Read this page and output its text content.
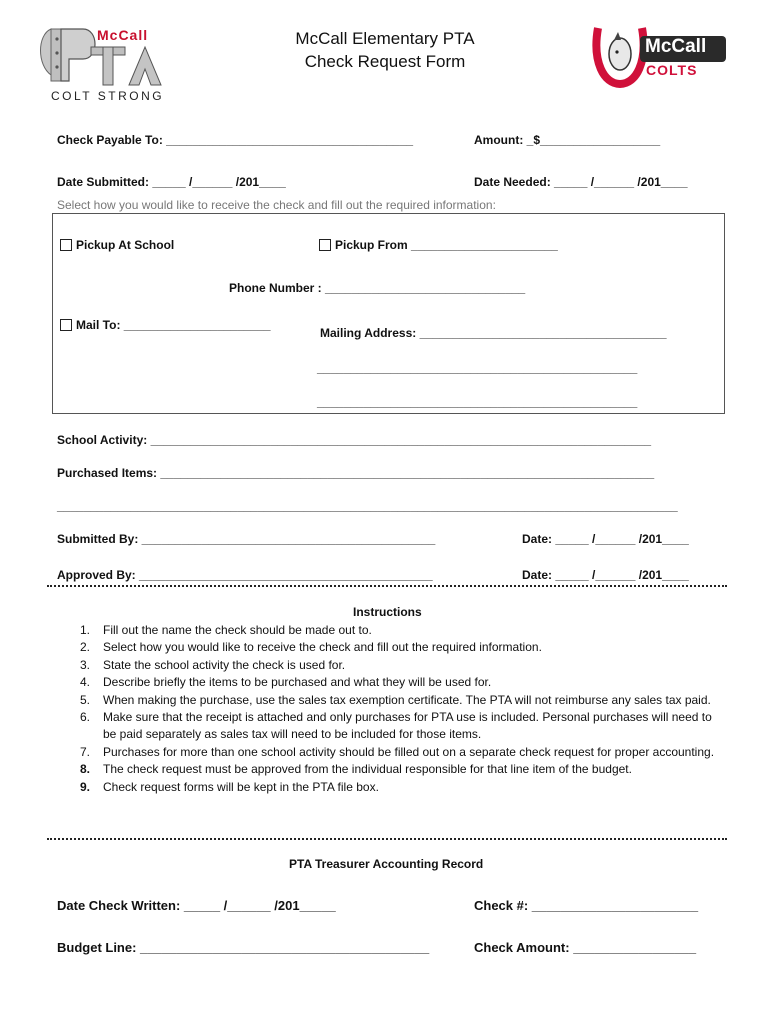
McCall
COLT STRONG
McCall Elementary PTA
Check Request Form
McCall
COLTS
Check Payable To: _____________________________________	Amount: _$__________________
Date Submitted: _____ /______ /201____	Date Needed: _____ /______ /201____
Select how you would like to receive the check and fill out the required information:
Pickup At School	Pickup From ______________________
Phone Number : ______________________________
Mail To: ______________________
Mailing Address: _____________________________________
________________________________________________
________________________________________________
School Activity: ___________________________________________________________________________
Purchased Items: __________________________________________________________________________
_____________________________________________________________________________________________
Submitted By: ____________________________________________	Date: _____ /______ /201____
Approved By: ____________________________________________	Date: _____ /______ /201____
Instructions
1.	Fill out the name the check should be made out to.
2.	Select how you would like to receive the check and fill out the required information.
3.	State the school activity the check is used for.
4.	Describe briefly the items to be purchased and what they will be used for.
5.	When making the purchase, use the sales tax exemption certificate. The PTA will not reimburse any sales tax paid.
6.	Make sure that the receipt is attached and only purchases for PTA use is included. Personal purchases will need to be paid separately as sales tax will need to be included for those items.
7.	Purchases for more than one school activity should be filled out on a separate check request for proper accounting.
8.	The check request must be approved from the individual responsible for that line item of the budget.
9.	Check request forms will be kept in the PTA file box.
PTA Treasurer Accounting Record
Date Check Written: _____ /______ /201_____	Check #: _______________________
Budget Line: ________________________________________	Check Amount: _________________
